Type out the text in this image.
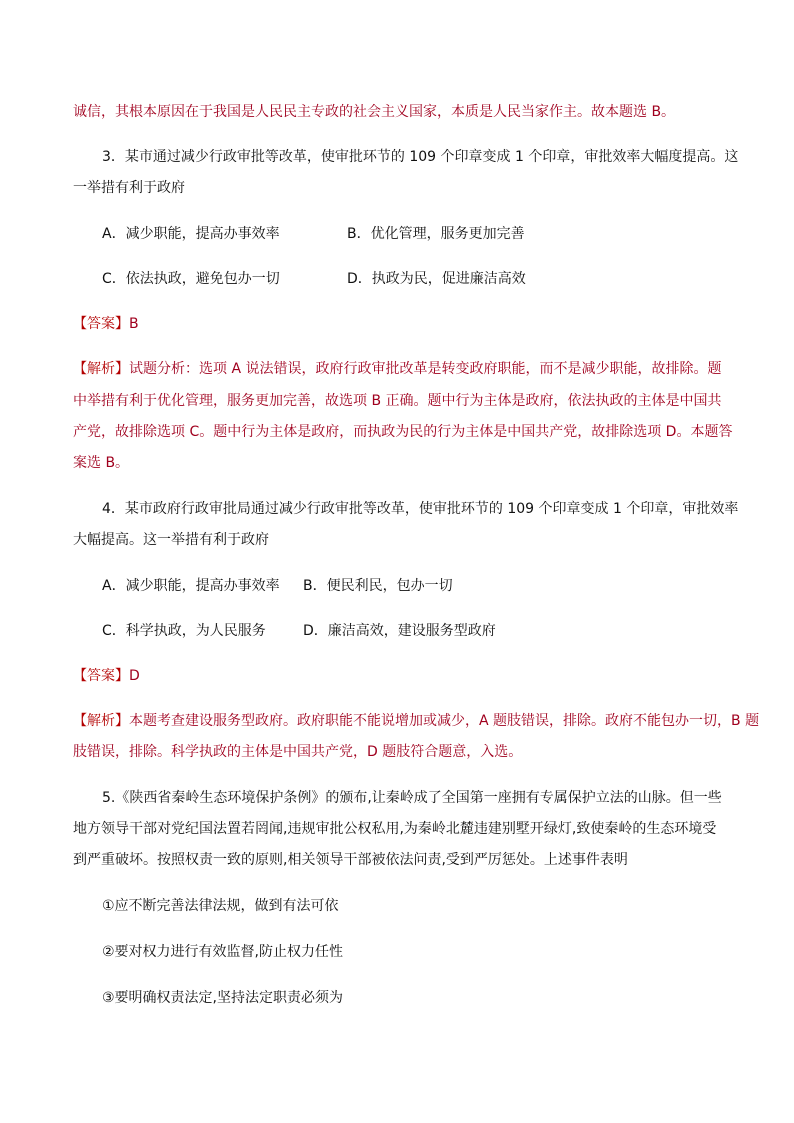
诚信，其根本原因在于我国是人民民主专政的社会主义国家，本质是人民当家作主。故本题选 B。
3．某市通过减少行政审批等改革，使审批环节的 109 个印章变成 1 个印章，审批效率大幅度提高。这
一举措有利于政府
A．减少职能，提高办事效率	B．优化管理，服务更加完善
C．依法执政，避免包办一切	D．执政为民，促进廉洁高效
【答案】B
【解析】试题分析：选项 A 说法错误，政府行政审批改革是转变政府职能，而不是减少职能，故排除。题
中举措有利于优化管理，服务更加完善，故选项 B 正确。题中行为主体是政府，依法执政的主体是中国共
产党，故排除选项 C。题中行为主体是政府，而执政为民的行为主体是中国共产党，故排除选项 D。本题答
案选 B。
4．某市政府行政审批局通过减少行政审批等改革，使审批环节的 109 个印章变成 1 个印章，审批效率
大幅提高。这一举措有利于政府
A．减少职能，提高办事效率 B．便民利民，包办一切
C．科学执政，为人民服务	D．廉洁高效，建设服务型政府
【答案】D
【解析】本题考查建设服务型政府。政府职能不能说增加或减少，A 题肢错误，排除。政府不能包办一切，B 题
肢错误，排除。科学执政的主体是中国共产党，D 题肢符合题意，入选。
5.《陕西省秦岭生态环境保护条例》的颁布,让秦岭成了全国第一座拥有专属保护立法的山脉。但一些
地方领导干部对党纪国法置若罔闻,违规审批公权私用,为秦岭北麓违建别墅开绿灯,致使秦岭的生态环境受
到严重破坏。按照权责一致的原则,相关领导干部被依法问责,受到严厉惩处。上述事件表明
①应不断完善法律法规，做到有法可依
②要对权力进行有效监督,防止权力任性
③要明确权责法定,坚持法定职责必须为
